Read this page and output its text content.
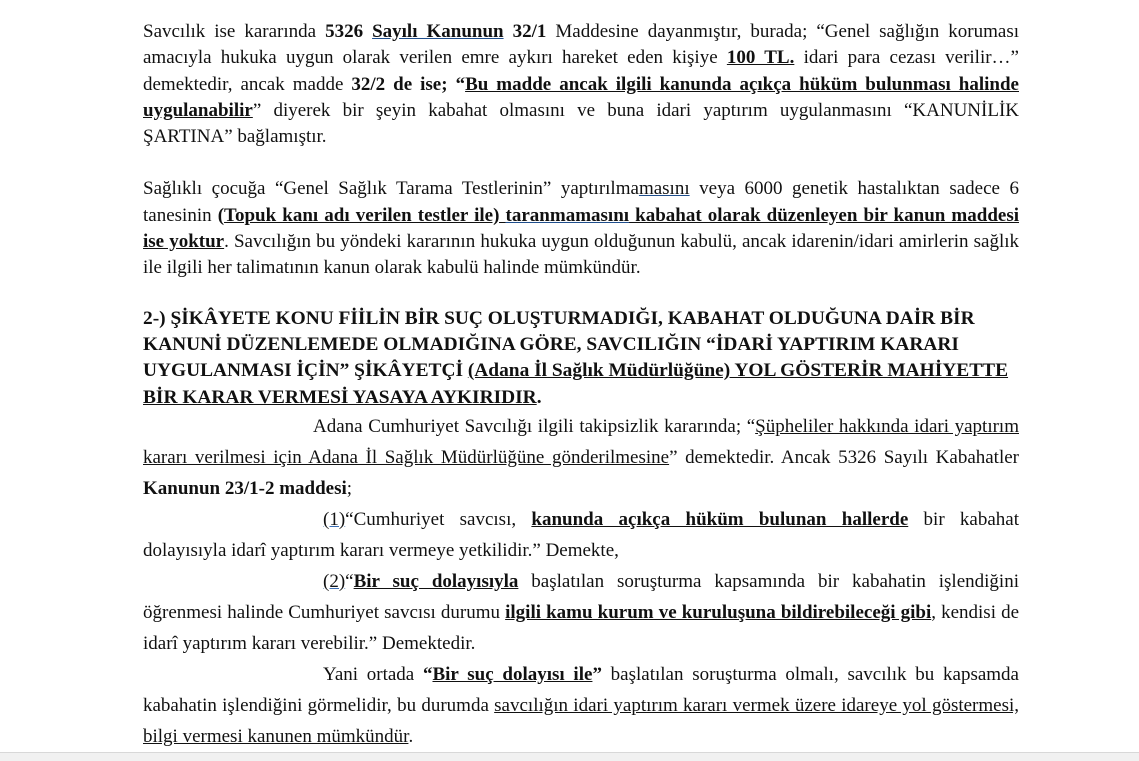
Savcılık ise kararında 5326 Sayılı Kanunun 32/1 Maddesine dayanmıştır, burada; “Genel sağlığın koruması amacıyla hukuka uygun olarak verilen emre aykırı hareket eden kişiye 100 TL. idari para cezası verilir…” demektedir, ancak madde 32/2 de ise; “Bu madde ancak ilgili kanunda açıkça hüküm bulunması halinde uygulanabilir” diyerek bir şeyin kabahat olmasını ve buna idari yaptırım uygulanmasını “KANUNİLİK ŞARTINA” bağlamıştır.

Sağlıklı çocuğa “Genel Sağlık Tarama Testlerinin” yaptırılmamasını veya 6000 genetik hastalıktan sadece 6 tanesinin (Topuk kanı adı verilen testler ile) taranmamasını kabahat olarak düzenleyen bir kanun maddesi ise yoktur. Savcılığın bu yöndeki kararının hukuka uygun olduğunun kabulü, ancak idarenin/idari amirlerin sağlık ile ilgili her talimatının kanun olarak kabulü halinde mümkündür.

2-) ŞİKÂYETE KONU FİİLİN BİR SUÇ OLUŞTURMADIĞI, KABAHAT OLDUĞUNA DAİR BİR KANUNİ DÜZENLEMEDE OLMADIĞINA GÖRE, SAVCILIĞIN “İDARİ YAPTIRIM KARARI UYGULANMASI İÇİN” ŞİKÂYETÇİ (Adana İl Sağlık Müdürlüğüne) YOL GÖSTERİR MAHİYETTE BİR KARAR VERMESİ YASAYA AYKIRIDIR.

Adana Cumhuriyet Savcılığı ilgili takipsizlik kararında; “Şüpheliler hakkında idari yaptırım kararı verilmesi için Adana İl Sağlık Müdürlüğüne gönderilmesine” demektedir. Ancak 5326 Sayılı Kabahatler Kanunun 23/1-2 maddesi;

(1)“Cumhuriyet savcısı, kanunda açıkça hüküm bulunan hallerde bir kabahat dolayısıyla idarî yaptırım kararı vermeye yetkilidir.” Demekte,

(2)“Bir suç dolayısıyla başlatılan soruşturma kapsamında bir kabahatin işlendiğini öğrenmesi halinde Cumhuriyet savcısı durumu ilgili kamu kurum ve kuruluşuna bildirebileceği gibi, kendisi de idarî yaptırım kararı verebilir.” Demektedir.

Yani ortada “Bir suç dolayısı ile” başlatılan soruşturma olmalı, savcılık bu kapsamda kabahatin işlendiğini görmelidir, bu durumda savcılığın idari yaptırım kararı vermek üzere idareye yol göstermesi, bilgi vermesi kanunen mümkündür.
